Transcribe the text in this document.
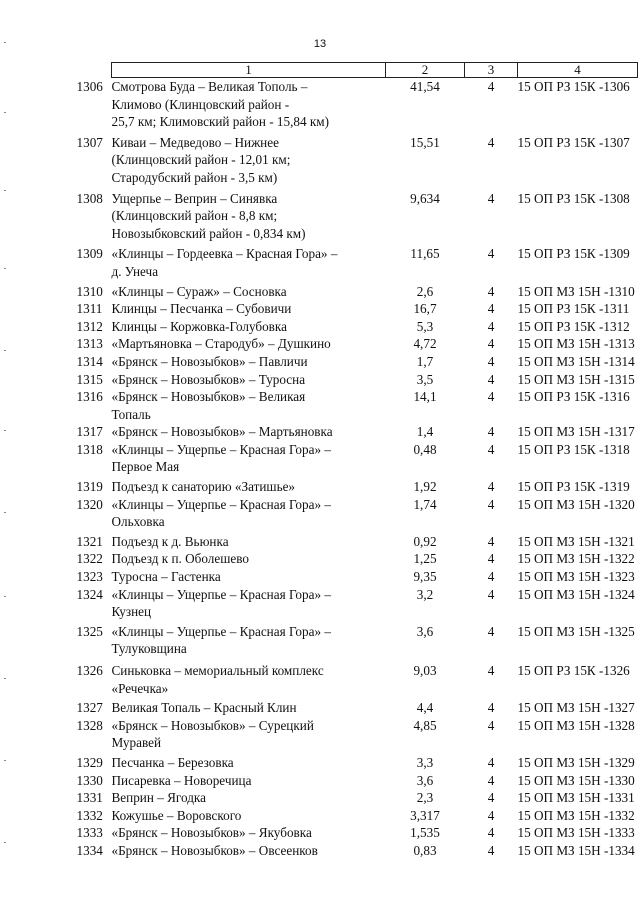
13
1	2	3	4
1306 Смотрова Буда – Великая Тополь –
Климово (Клинцовский район -
25,7 км; Климовский район - 15,84 км)	41,54	4	15 ОП РЗ 15К -1306
1307 Киваи – Медведово – Нижнее
(Клинцовский район - 12,01 км;
Стародубский район - 3,5 км)	15,51	4	15 ОП РЗ 15К -1307
1308 Ущерпье – Веприн – Синявка
(Клинцовский район - 8,8 км;
Новозыбковский район - 0,834 км)	9,634	4	15 ОП РЗ 15К -1308
1309 «Клинцы – Гордеевка – Красная Гора» –
д. Унеча	11,65	4	15 ОП РЗ 15К -1309
1310 «Клинцы – Сураж» – Сосновка	2,6	4	15 ОП МЗ 15Н -1310
1311 Клинцы – Песчанка – Субовичи	16,7	4	15 ОП РЗ 15К -1311
1312 Клинцы – Коржовка-Голубовка	5,3	4	15 ОП РЗ 15К -1312
1313 «Мартьяновка – Стародуб» – Душкино	4,72	4	15 ОП МЗ 15Н -1313
1314 «Брянск – Новозыбков» – Павличи	1,7	4	15 ОП МЗ 15Н -1314
1315 «Брянск – Новозыбков» – Туросна	3,5	4	15 ОП МЗ 15Н -1315
1316 «Брянск – Новозыбков» – Великая
Топаль	14,1	4	15 ОП РЗ 15К -1316
1317 «Брянск – Новозыбков» – Мартьяновка	1,4	4	15 ОП МЗ 15Н -1317
1318 «Клинцы – Ущерпье – Красная Гора» –
Первое Мая	0,48	4	15 ОП РЗ 15К -1318
1319 Подъезд к санаторию «Затишье»	1,92	4	15 ОП РЗ 15К -1319
1320 «Клинцы – Ущерпье – Красная Гора» –
Ольховка	1,74	4	15 ОП МЗ 15Н -1320
1321 Подъезд к д. Вьюнка	0,92	4	15 ОП МЗ 15Н -1321
1322 Подъезд к п. Оболешево	1,25	4	15 ОП МЗ 15Н -1322
1323 Туросна – Гастенка	9,35	4	15 ОП МЗ 15Н -1323
1324 «Клинцы – Ущерпье – Красная Гора» –
Кузнец	3,2	4	15 ОП МЗ 15Н -1324
1325 «Клинцы – Ущерпье – Красная Гора» –
Тулуковщина	3,6	4	15 ОП МЗ 15Н -1325
1326 Синьковка – мемориальный комплекс
«Речечка»	9,03	4	15 ОП РЗ 15К -1326
1327 Великая Топаль – Красный Клин	4,4	4	15 ОП МЗ 15Н -1327
1328 «Брянск – Новозыбков» – Сурецкий
Муравей	4,85	4	15 ОП МЗ 15Н -1328
1329 Песчанка – Березовка	3,3	4	15 ОП МЗ 15Н -1329
1330 Писаревка – Новоречица	3,6	4	15 ОП МЗ 15Н -1330
1331 Веприн – Ягодка	2,3	4	15 ОП МЗ 15Н -1331
1332 Кожушье – Воровского	3,317	4	15 ОП МЗ 15Н -1332
1333 «Брянск – Новозыбков» – Якубовка	1,535	4	15 ОП МЗ 15Н -1333
1334 «Брянск – Новозыбков» – Овсеенков	0,83	4	15 ОП МЗ 15Н -1334
